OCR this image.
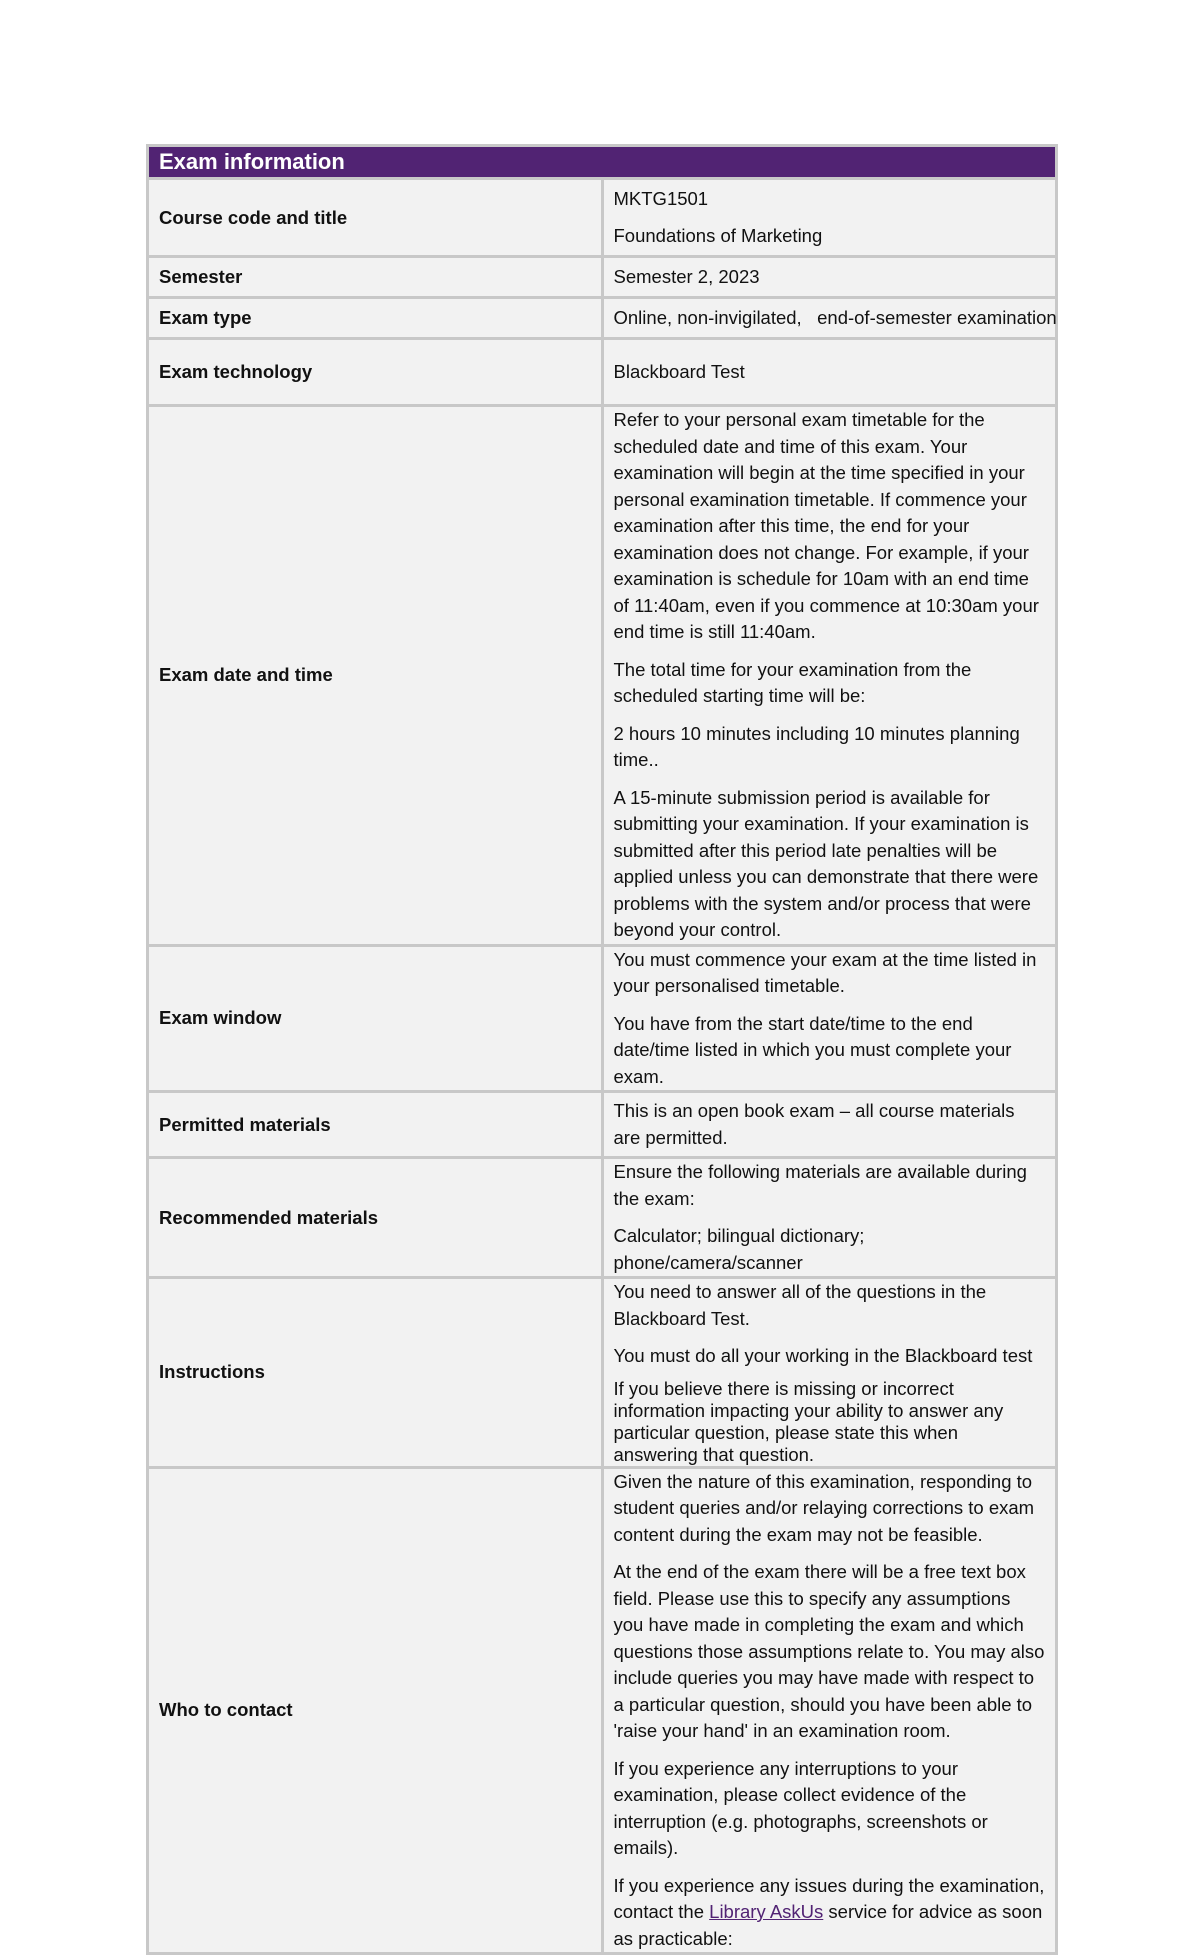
Exam information	
Course code and title	MKTG1501

Foundations of Marketing

Semester	Semester 2, 2023
Exam type	Online, non-invigilated,   end-of-semester examination
Exam technology	Blackboard Test
Exam date and time	Refer to your personal exam timetable for the scheduled date and time of this exam. Your examination will begin at the time specified in your personal examination timetable. If commence your examination after this time, the end for your examination does not change. For example, if your examination is schedule for 10am with an end time of 11:40am, even if you commence at 10:30am your end time is still 11:40am.

The total time for your examination from the scheduled starting time will be:

2 hours 10 minutes including 10 minutes planning time..

A 15-minute submission period is available for submitting your examination. If your examination is submitted after this period late penalties will be applied unless you can demonstrate that there were problems with the system and/or process that were beyond your control.

Exam window	You must commence your exam at the time listed in your personalised timetable.

You have from the start date/time to the end date/time listed in which you must complete your exam.

Permitted materials	This is an open book exam – all course materials are permitted.
Recommended materials	Ensure the following materials are available during the exam:

Calculator; bilingual dictionary; phone/camera/scanner

Instructions	You need to answer all of the questions in the Blackboard Test.

You must do all your working in the Blackboard test

If you believe there is missing or incorrect information impacting your ability to answer any particular question, please state this when answering that question.

Who to contact	Given the nature of this examination, responding to student queries and/or relaying corrections to exam content during the exam may not be feasible.

At the end of the exam there will be a free text box field. Please use this to specify any assumptions you have made in completing the exam and which questions those assumptions relate to. You may also include queries you may have made with respect to a particular question, should you have been able to 'raise your hand' in an examination room.

If you experience any interruptions to your examination, please collect evidence of the interruption (e.g. photographs, screenshots or emails).

If you experience any issues during the examination, contact the Library AskUs service for advice as soon as practicable:
